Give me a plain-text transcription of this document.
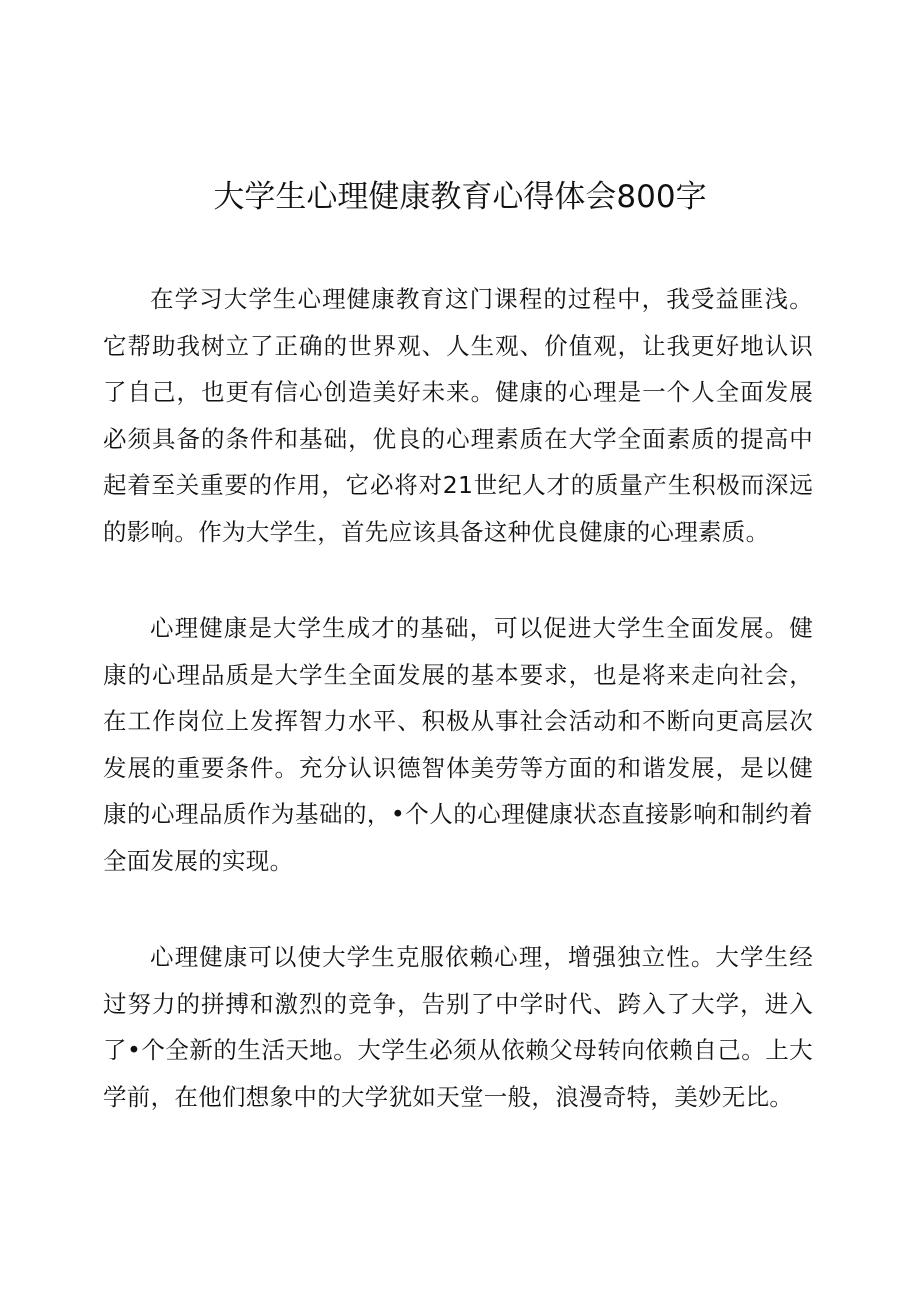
大学生心理健康教育心得体会800字

在学习大学生心理健康教育这门课程的过程中，我受益匪浅。它帮助我树立了正确的世界观、人生观、价值观，让我更好地认识了自己，也更有信心创造美好未来。健康的心理是一个人全面发展必须具备的条件和基础，优良的心理素质在大学全面素质的提高中起着至关重要的作用，它必将对21世纪人才的质量产生积极而深远的影响。作为大学生，首先应该具备这种优良健康的心理素质。

心理健康是大学生成才的基础，可以促进大学生全面发展。健康的心理品质是大学生全面发展的基本要求，也是将来走向社会，在工作岗位上发挥智力水平、积极从事社会活动和不断向更高层次发展的重要条件。充分认识德智体美劳等方面的和谐发展，是以健康的心理品质作为基础的，•个人的心理健康状态直接影响和制约着全面发展的实现。

心理健康可以使大学生克服依赖心理，增强独立性。大学生经过努力的拼搏和激烈的竞争，告别了中学时代、跨入了大学，进入了•个全新的生活天地。大学生必须从依赖父母转向依赖自己。上大学前，在他们想象中的大学犹如天堂一般，浪漫奇特，美妙无比。
